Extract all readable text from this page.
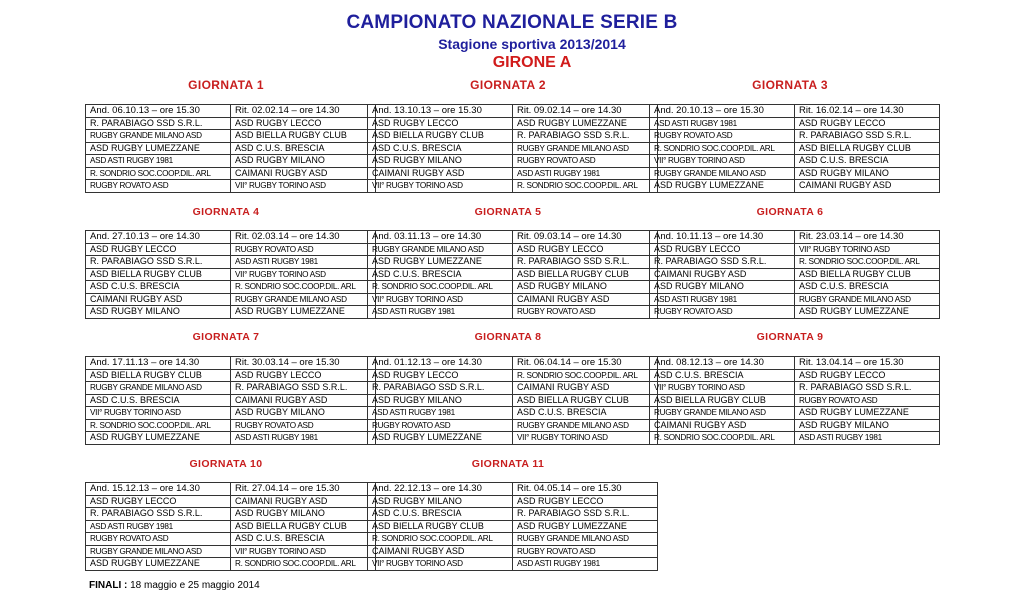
CAMPIONATO NAZIONALE SERIE B
Stagione sportiva 2013/2014
GIRONE A
GIORNATA 1
And. 06.10.13 – ore 15.30	Rit. 02.02.14 – ore 14.30
R. PARABIAGO SSD S.R.L.	ASD RUGBY LECCO
RUGBY GRANDE MILANO ASD	ASD BIELLA RUGBY CLUB
ASD RUGBY LUMEZZANE	ASD C.U.S. BRESCIA
ASD ASTI RUGBY 1981	ASD RUGBY MILANO
R. SONDRIO SOC.COOP.DIL. ARL	CAIMANI RUGBY ASD
RUGBY ROVATO ASD	VII° RUGBY TORINO ASD
GIORNATA 2
And. 13.10.13 – ore 15.30	Rit. 09.02.14 – ore 14.30
ASD RUGBY LECCO	ASD RUGBY LUMEZZANE
ASD BIELLA RUGBY CLUB	R. PARABIAGO SSD S.R.L.
ASD C.U.S. BRESCIA	RUGBY GRANDE MILANO ASD
ASD RUGBY MILANO	RUGBY ROVATO ASD
CAIMANI RUGBY ASD	ASD ASTI RUGBY 1981
VII° RUGBY TORINO ASD	R. SONDRIO SOC.COOP.DIL. ARL
GIORNATA 3
And. 20.10.13 – ore 15.30	Rit. 16.02.14 – ore 14.30
ASD ASTI RUGBY 1981	ASD RUGBY LECCO
RUGBY ROVATO ASD	R. PARABIAGO SSD S.R.L.
R. SONDRIO SOC.COOP.DIL. ARL	ASD BIELLA RUGBY CLUB
VII° RUGBY TORINO ASD	ASD C.U.S. BRESCIA
RUGBY GRANDE MILANO ASD	ASD RUGBY MILANO
ASD RUGBY LUMEZZANE	CAIMANI RUGBY ASD
GIORNATA 4
And. 27.10.13 – ore 14.30	Rit. 02.03.14 – ore 14.30
ASD RUGBY LECCO	RUGBY ROVATO ASD
R. PARABIAGO SSD S.R.L.	ASD ASTI RUGBY 1981
ASD BIELLA RUGBY CLUB	VII° RUGBY TORINO ASD
ASD C.U.S. BRESCIA	R. SONDRIO SOC.COOP.DIL. ARL
CAIMANI RUGBY ASD	RUGBY GRANDE MILANO ASD
ASD RUGBY MILANO	ASD RUGBY LUMEZZANE
GIORNATA 5
And. 03.11.13 – ore 14.30	Rit. 09.03.14 – ore 14.30
RUGBY GRANDE MILANO ASD	ASD RUGBY LECCO
ASD RUGBY LUMEZZANE	R. PARABIAGO SSD S.R.L.
ASD C.U.S. BRESCIA	ASD BIELLA RUGBY CLUB
R. SONDRIO SOC.COOP.DIL. ARL	ASD RUGBY MILANO
VII° RUGBY TORINO ASD	CAIMANI RUGBY ASD
ASD ASTI RUGBY 1981	RUGBY ROVATO ASD
GIORNATA 6
And. 10.11.13 – ore 14.30	Rit. 23.03.14 – ore 14.30
ASD RUGBY LECCO	VII° RUGBY TORINO ASD
R. PARABIAGO SSD S.R.L.	R. SONDRIO SOC.COOP.DIL. ARL
CAIMANI RUGBY ASD	ASD BIELLA RUGBY CLUB
ASD RUGBY MILANO	ASD C.U.S. BRESCIA
ASD ASTI RUGBY 1981	RUGBY GRANDE MILANO ASD
RUGBY ROVATO ASD	ASD RUGBY LUMEZZANE
GIORNATA 7
And. 17.11.13 – ore 14.30	Rit. 30.03.14 – ore 15.30
ASD BIELLA RUGBY CLUB	ASD RUGBY LECCO
RUGBY GRANDE MILANO ASD	R. PARABIAGO SSD S.R.L.
ASD C.U.S. BRESCIA	CAIMANI RUGBY ASD
VII° RUGBY TORINO ASD	ASD RUGBY MILANO
R. SONDRIO SOC.COOP.DIL. ARL	RUGBY ROVATO ASD
ASD RUGBY LUMEZZANE	ASD ASTI RUGBY 1981
GIORNATA 8
And. 01.12.13 – ore 14.30	Rit. 06.04.14 – ore 15.30
ASD RUGBY LECCO	R. SONDRIO SOC.COOP.DIL. ARL
R. PARABIAGO SSD S.R.L.	CAIMANI RUGBY ASD
ASD RUGBY MILANO	ASD BIELLA RUGBY CLUB
ASD ASTI RUGBY 1981	ASD C.U.S. BRESCIA
RUGBY ROVATO ASD	RUGBY GRANDE MILANO ASD
ASD RUGBY LUMEZZANE	VII° RUGBY TORINO ASD
GIORNATA 9
And. 08.12.13 – ore 14.30	Rit. 13.04.14 – ore 15.30
ASD C.U.S. BRESCIA	ASD RUGBY LECCO
VII° RUGBY TORINO ASD	R. PARABIAGO SSD S.R.L.
ASD BIELLA RUGBY CLUB	RUGBY ROVATO ASD
RUGBY GRANDE MILANO ASD	ASD RUGBY LUMEZZANE
CAIMANI RUGBY ASD	ASD RUGBY MILANO
R. SONDRIO SOC.COOP.DIL. ARL	ASD ASTI RUGBY 1981
GIORNATA 10
And. 15.12.13 – ore 14.30	Rit. 27.04.14 – ore 15.30
ASD RUGBY LECCO	CAIMANI RUGBY ASD
R. PARABIAGO SSD S.R.L.	ASD RUGBY MILANO
ASD ASTI RUGBY 1981	ASD BIELLA RUGBY CLUB
RUGBY ROVATO ASD	ASD C.U.S. BRESCIA
RUGBY GRANDE MILANO ASD	VII° RUGBY TORINO ASD
ASD RUGBY LUMEZZANE	R. SONDRIO SOC.COOP.DIL. ARL
GIORNATA 11
And. 22.12.13 – ore 14.30	Rit. 04.05.14 – ore 15.30
ASD RUGBY MILANO	ASD RUGBY LECCO
ASD C.U.S. BRESCIA	R. PARABIAGO SSD S.R.L.
ASD BIELLA RUGBY CLUB	ASD RUGBY LUMEZZANE
R. SONDRIO SOC.COOP.DIL. ARL	RUGBY GRANDE MILANO ASD
CAIMANI RUGBY ASD	RUGBY ROVATO ASD
VII° RUGBY TORINO ASD	ASD ASTI RUGBY 1981
FINALI : 18 maggio e 25 maggio 2014
